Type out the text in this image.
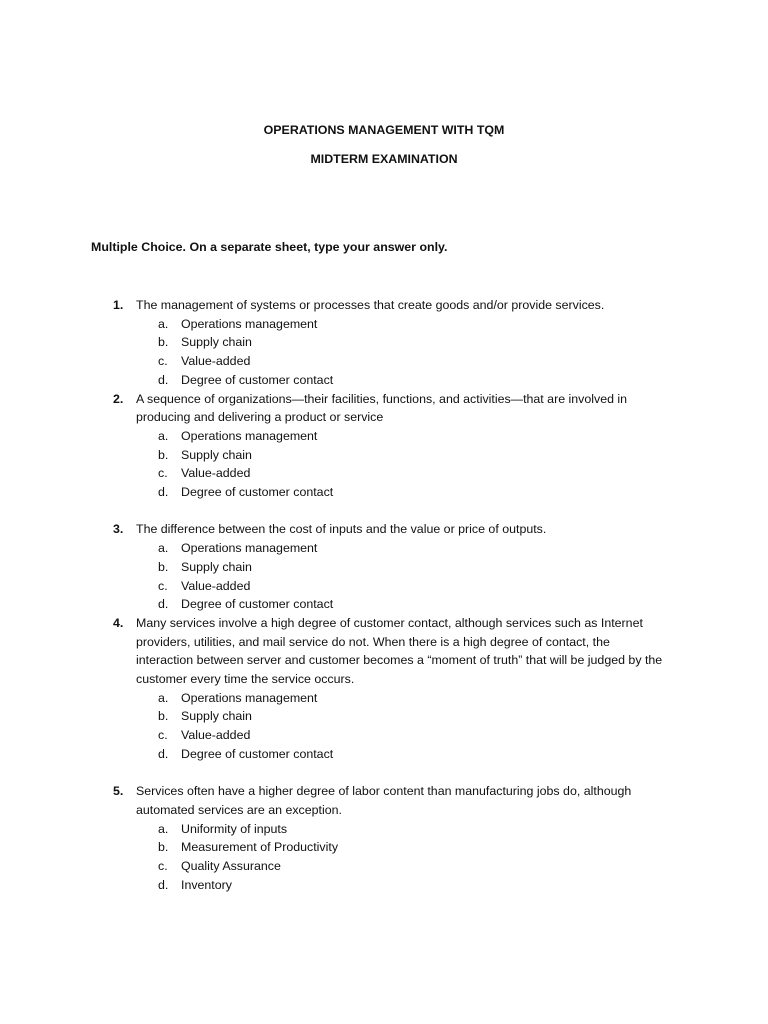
OPERATIONS MANAGEMENT WITH TQM
MIDTERM EXAMINATION
Multiple Choice. On a separate sheet, type your answer only.
1. The management of systems or processes that create goods and/or provide services.
a. Operations management
b. Supply chain
c. Value-added
d. Degree of customer contact
2. A sequence of organizations—their facilities, functions, and activities—that are involved in producing and delivering a product or service
a. Operations management
b. Supply chain
c. Value-added
d. Degree of customer contact
3. The difference between the cost of inputs and the value or price of outputs.
a. Operations management
b. Supply chain
c. Value-added
d. Degree of customer contact
4. Many services involve a high degree of customer contact, although services such as Internet providers, utilities, and mail service do not. When there is a high degree of contact, the interaction between server and customer becomes a “moment of truth” that will be judged by the customer every time the service occurs.
a. Operations management
b. Supply chain
c. Value-added
d. Degree of customer contact
5. Services often have a higher degree of labor content than manufacturing jobs do, although automated services are an exception.
a. Uniformity of inputs
b. Measurement of Productivity
c. Quality Assurance
d. Inventory
